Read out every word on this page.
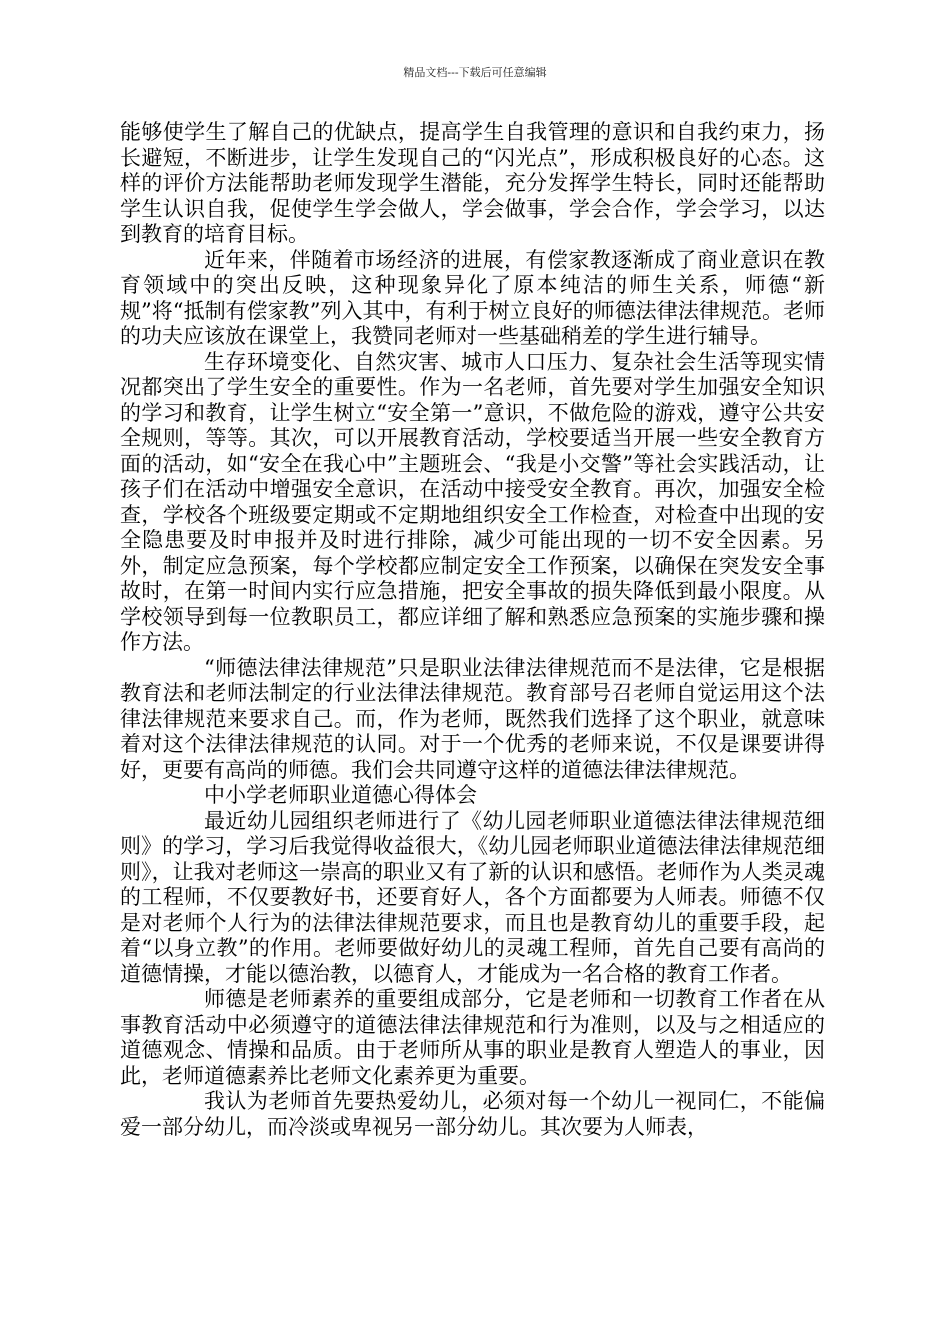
精品文档---下载后可任意编辑

能够使学生了解自己的优缺点，提高学生自我管理的意识和自我约束力，扬长避短，不断进步，让学生发现自己的“闪光点”，形成积极良好的心态。这样的评价方法能帮助老师发现学生潜能，充分发挥学生特长，同时还能帮助学生认识自我，促使学生学会做人，学会做事，学会合作，学会学习，以达到教育的培育目标。

近年来，伴随着市场经济的进展，有偿家教逐渐成了商业意识在教育领域中的突出反映，这种现象异化了原本纯洁的师生关系，师德“新规”将“抵制有偿家教”列入其中，有利于树立良好的师德法律法律规范。老师的功夫应该放在课堂上，我赞同老师对一些基础稍差的学生进行辅导。

生存环境变化、自然灾害、城市人口压力、复杂社会生活等现实情况都突出了学生安全的重要性。作为一名老师，首先要对学生加强安全知识的学习和教育，让学生树立“安全第一”意识，不做危险的游戏，遵守公共安全规则，等等。其次，可以开展教育活动，学校要适当开展一些安全教育方面的活动，如“安全在我心中”主题班会、“我是小交警”等社会实践活动，让孩子们在活动中增强安全意识，在活动中接受安全教育。再次，加强安全检查，学校各个班级要定期或不定期地组织安全工作检查，对检查中出现的安全隐患要及时申报并及时进行排除，减少可能出现的一切不安全因素。另外，制定应急预案，每个学校都应制定安全工作预案，以确保在突发安全事故时，在第一时间内实行应急措施，把安全事故的损失降低到最小限度。从学校领导到每一位教职员工，都应详细了解和熟悉应急预案的实施步骤和操作方法。

“师德法律法律规范”只是职业法律法律规范而不是法律，它是根据教育法和老师法制定的行业法律法律规范。教育部号召老师自觉运用这个法律法律规范来要求自己。而，作为老师，既然我们选择了这个职业，就意味着对这个法律法律规范的认同。对于一个优秀的老师来说，不仅是课要讲得好，更要有高尚的师德。我们会共同遵守这样的道德法律法律规范。

中小学老师职业道德心得体会

最近幼儿园组织老师进行了《幼儿园老师职业道德法律法律规范细则》的学习，学习后我觉得收益很大，《幼儿园老师职业道德法律法律规范细则》，让我对老师这一崇高的职业又有了新的认识和感悟。老师作为人类灵魂的工程师，不仅要教好书，还要育好人，各个方面都要为人师表。师德不仅是对老师个人行为的法律法律规范要求，而且也是教育幼儿的重要手段，起着“以身立教”的作用。老师要做好幼儿的灵魂工程师，首先自己要有高尚的道德情操，才能以德治教，以德育人，才能成为一名合格的教育工作者。

师德是老师素养的重要组成部分，它是老师和一切教育工作者在从事教育活动中必须遵守的道德法律法律规范和行为准则，以及与之相适应的道德观念、情操和品质。由于老师所从事的职业是教育人塑造人的事业，因此，老师道德素养比老师文化素养更为重要。

我认为老师首先要热爱幼儿，必须对每一个幼儿一视同仁，不能偏爱一部分幼儿，而冷淡或卑视另一部分幼儿。其次要为人师表，
